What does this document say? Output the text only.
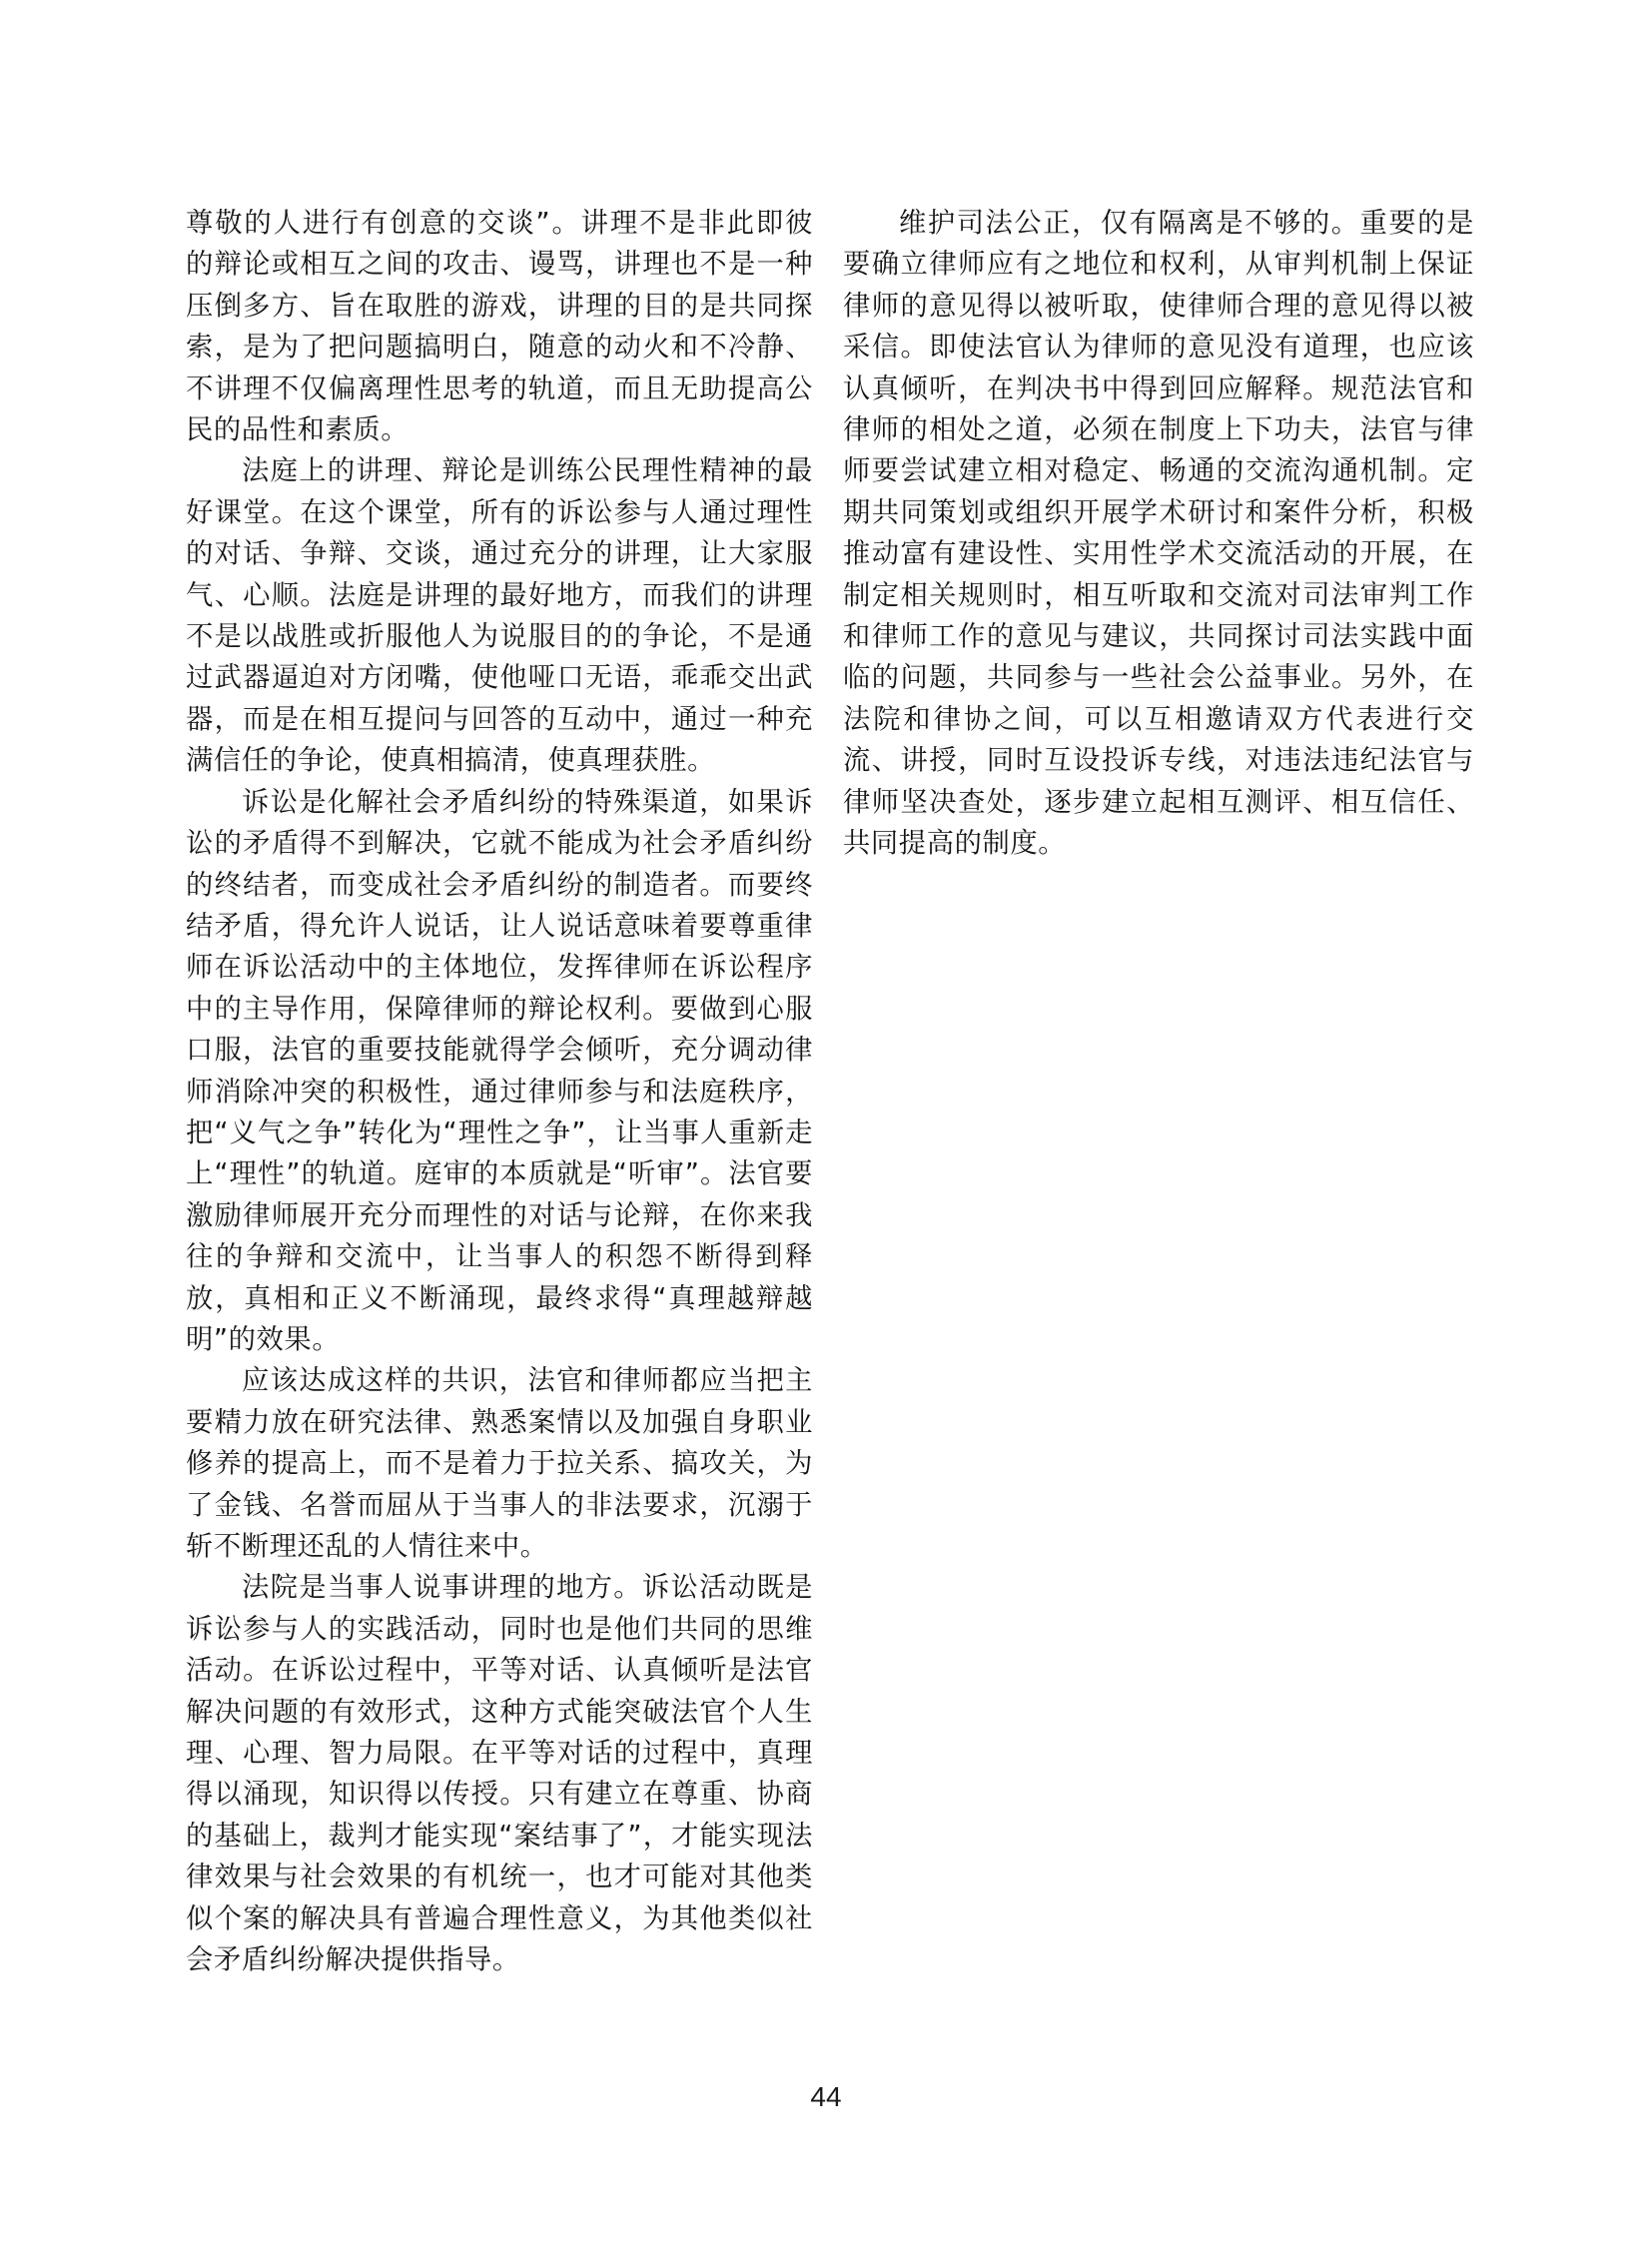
尊敬的人进行有创意的交谈”。讲理不是非此即彼的辩论或相互之间的攻击、谩骂，讲理也不是一种压倒多方、旨在取胜的游戏，讲理的目的是共同探索，是为了把问题搞明白，随意的动火和不冷静、不讲理不仅偏离理性思考的轨道，而且无助提高公民的品性和素质。

法庭上的讲理、辩论是训练公民理性精神的最好课堂。在这个课堂，所有的诉讼参与人通过理性的对话、争辩、交谈，通过充分的讲理，让大家服气、心顺。法庭是讲理的最好地方，而我们的讲理不是以战胜或折服他人为说服目的的争论，不是通过武器逼迫对方闭嘴，使他哑口无语，乖乖交出武器，而是在相互提问与回答的互动中，通过一种充满信任的争论，使真相搞清，使真理获胜。

诉讼是化解社会矛盾纠纷的特殊渠道，如果诉讼的矛盾得不到解决，它就不能成为社会矛盾纠纷的终结者，而变成社会矛盾纠纷的制造者。而要终结矛盾，得允许人说话，让人说话意味着要尊重律师在诉讼活动中的主体地位，发挥律师在诉讼程序中的主导作用，保障律师的辩论权利。要做到心服口服，法官的重要技能就得学会倾听，充分调动律师消除冲突的积极性，通过律师参与和法庭秩序，把“义气之争”转化为“理性之争”，让当事人重新走上“理性”的轨道。庭审的本质就是“听审”。法官要激励律师展开充分而理性的对话与论辩，在你来我往的争辩和交流中，让当事人的积怨不断得到释放，真相和正义不断涌现，最终求得“真理越辩越明”的效果。

应该达成这样的共识，法官和律师都应当把主要精力放在研究法律、熟悉案情以及加强自身职业修养的提高上，而不是着力于拉关系、搞攻关，为了金钱、名誉而屈从于当事人的非法要求，沉溺于斩不断理还乱的人情往来中。

法院是当事人说事讲理的地方。诉讼活动既是诉讼参与人的实践活动，同时也是他们共同的思维活动。在诉讼过程中，平等对话、认真倾听是法官解决问题的有效形式，这种方式能突破法官个人生理、心理、智力局限。在平等对话的过程中，真理得以涌现，知识得以传授。只有建立在尊重、协商的基础上，裁判才能实现“案结事了”，才能实现法律效果与社会效果的有机统一，也才可能对其他类似个案的解决具有普遍合理性意义，为其他类似社会矛盾纠纷解决提供指导。

维护司法公正，仅有隔离是不够的。重要的是要确立律师应有之地位和权利，从审判机制上保证律师的意见得以被听取，使律师合理的意见得以被采信。即使法官认为律师的意见没有道理，也应该认真倾听，在判决书中得到回应解释。规范法官和律师的相处之道，必须在制度上下功夫，法官与律师要尝试建立相对稳定、畅通的交流沟通机制。定期共同策划或组织开展学术研讨和案件分析，积极推动富有建设性、实用性学术交流活动的开展，在制定相关规则时，相互听取和交流对司法审判工作和律师工作的意见与建议，共同探讨司法实践中面临的问题，共同参与一些社会公益事业。另外，在法院和律协之间，可以互相邀请双方代表进行交流、讲授，同时互设投诉专线，对违法违纪法官与律师坚决查处，逐步建立起相互测评、相互信任、共同提高的制度。

44
